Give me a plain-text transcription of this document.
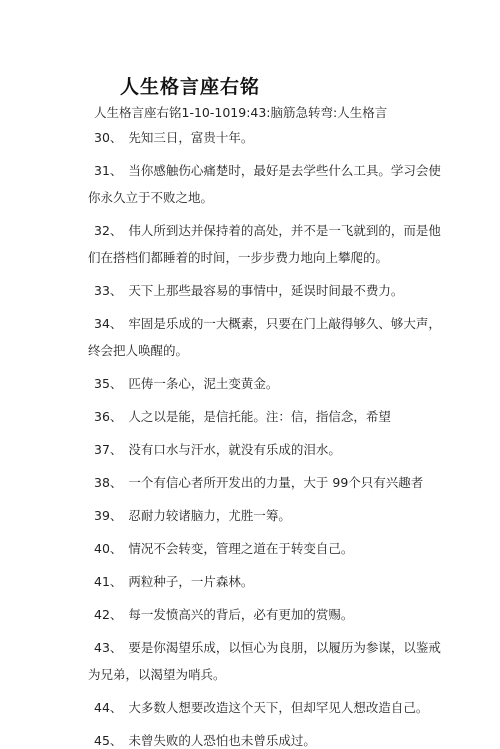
人生格言座右铭
人生格言座右铭1-10-1019:43:脑筋急转弯:人生格言
30、 先知三日，富贵十年。
31、 当你感触伤心痛楚时，最好是去学些什么工具。学习会使
你永久立于不败之地。
32、 伟人所到达并保持着的高处，并不是一飞就到的，而是他
们在搭档们都睡着的时间，一步步费力地向上攀爬的。
33、 天下上那些最容易的事情中，延误时间最不费力。
34、 牢固是乐成的一大概素，只要在门上敲得够久、够大声，
终会把人唤醒的。
35、 匹俦一条心，泥土变黄金。
36、 人之以是能，是信托能。注：信，指信念，希望
37、 没有口水与汗水，就没有乐成的泪水。
38、 一个有信心者所开发出的力量，大于 99个只有兴趣者
39、 忍耐力较诸脑力，尤胜一筹。
40、 情况不会转变，管理之道在于转变自己。
41、 两粒种子，一片森林。
42、 每一发愤高兴的背后，必有更加的赏赐。
43、 要是你渴望乐成，以恒心为良朋，以履历为参谋，以鉴戒
为兄弟，以渴望为哨兵。
44、 大多数人想要改造这个天下，但却罕见人想改造自己。
45、 未曾失败的人恐怕也未曾乐成过。
